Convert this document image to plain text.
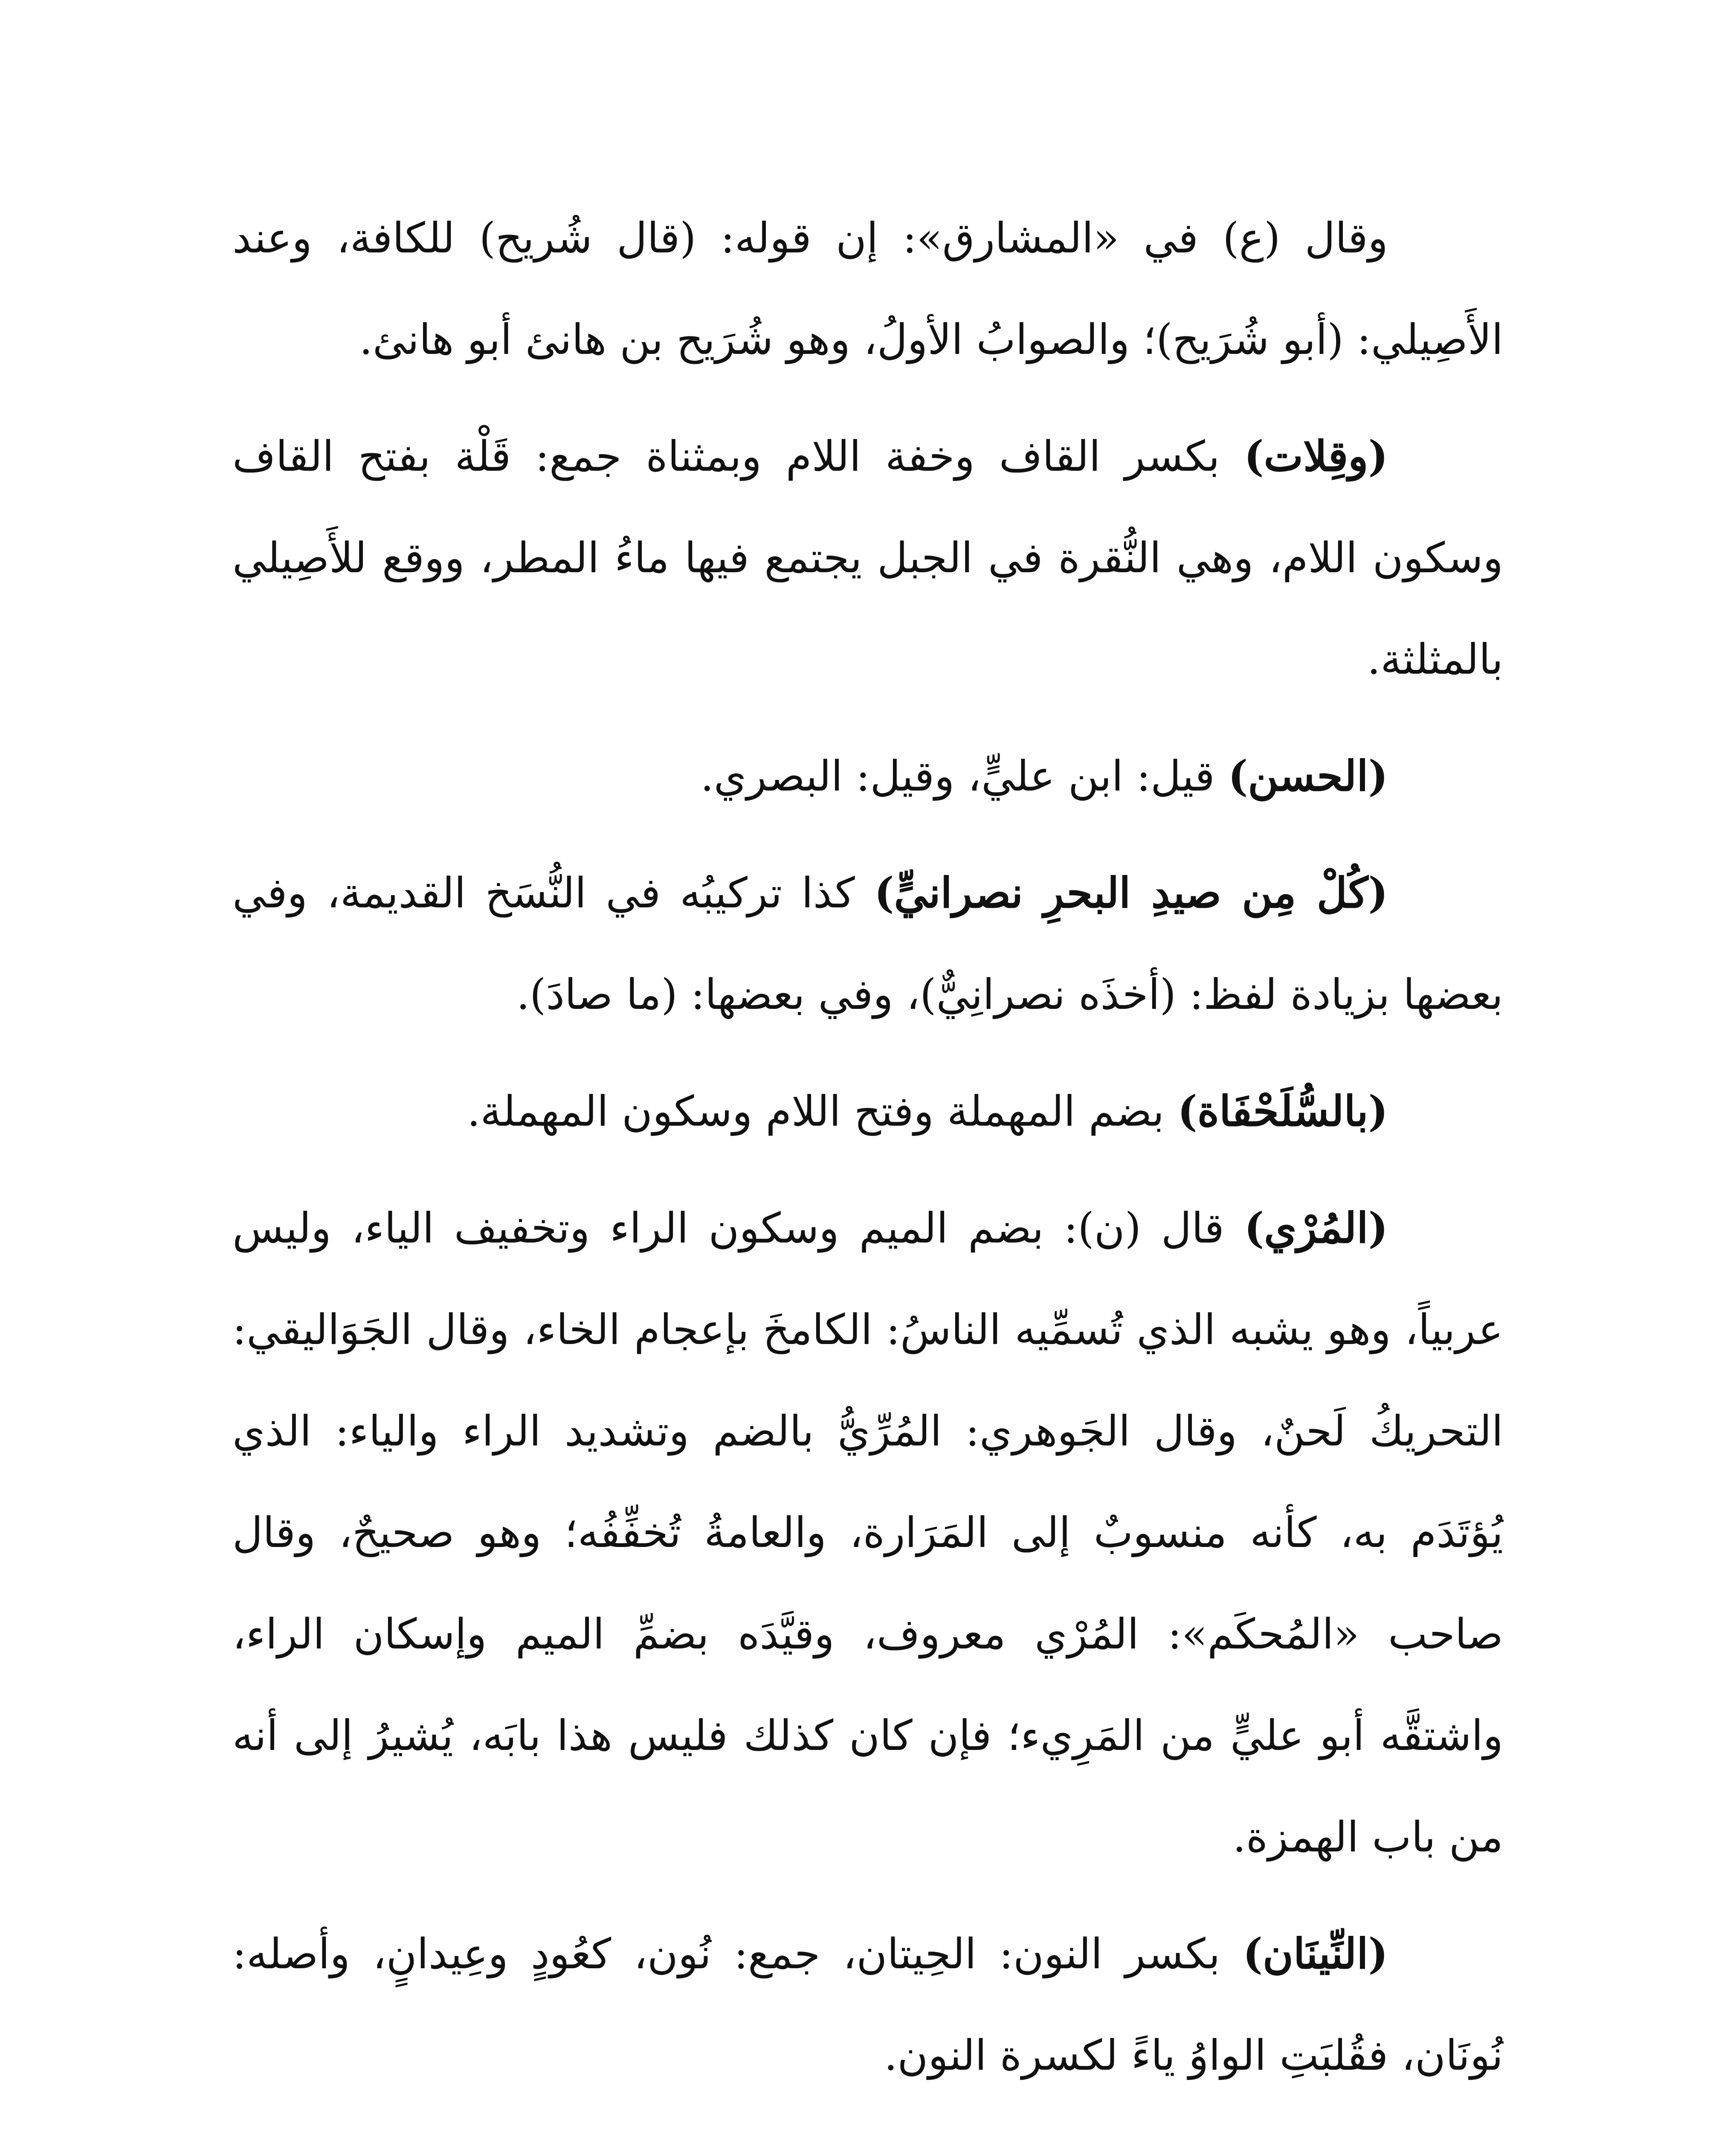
وقال (ع) في «المشارق»: إن قوله: (قال شُريح) للكافة، وعند الأَصِيلي: (أبو شُرَيح)؛ والصوابُ الأولُ، وهو شُرَيح بن هانئ أبو هانئ.

(وقِلات) بكسر القاف وخفة اللام وبمثناة جمع: قَلْة بفتح القاف وسكون اللام، وهي النُّقرة في الجبل يجتمع فيها ماءُ المطر، ووقع للأَصِيلي بالمثلثة.

(الحسن) قيل: ابن عليٍّ، وقيل: البصري.

(كُلْ مِن صيدِ البحرِ نصرانيٍّ) كذا تركيبُه في النُّسَخ القديمة، وفي بعضها بزيادة لفظ: (أخذَه نصرانِيٌّ)، وفي بعضها: (ما صادَ).

(بالسُّلَحْفَاة) بضم المهملة وفتح اللام وسكون المهملة.

(المُرْي) قال (ن): بضم الميم وسكون الراء وتخفيف الياء، وليس عربياً، وهو يشبه الذي تُسمِّيه الناسُ: الكامخَ بإعجام الخاء، وقال الجَوَاليقي: التحريكُ لَحنٌ، وقال الجَوهري: المُرِّيُّ بالضم وتشديد الراء والياء: الذي يُؤتَدَم به، كأنه منسوبٌ إلى المَرَارة، والعامةُ تُخفِّفُه؛ وهو صحيحٌ، وقال صاحب «المُحكَم»: المُرْي معروف، وقيَّدَه بضمِّ الميم وإسكان الراء، واشتقَّه أبو عليٍّ من المَرِيء؛ فإن كان كذلك فليس هذا بابَه، يُشيرُ إلى أنه من باب الهمزة.

(النِّينَان) بكسر النون: الحِيتان، جمع: نُون، كعُودٍ وعِيدانٍ، وأصله: نُونَان، فقُلبَتِ الواوُ ياءً لكسرة النون.
